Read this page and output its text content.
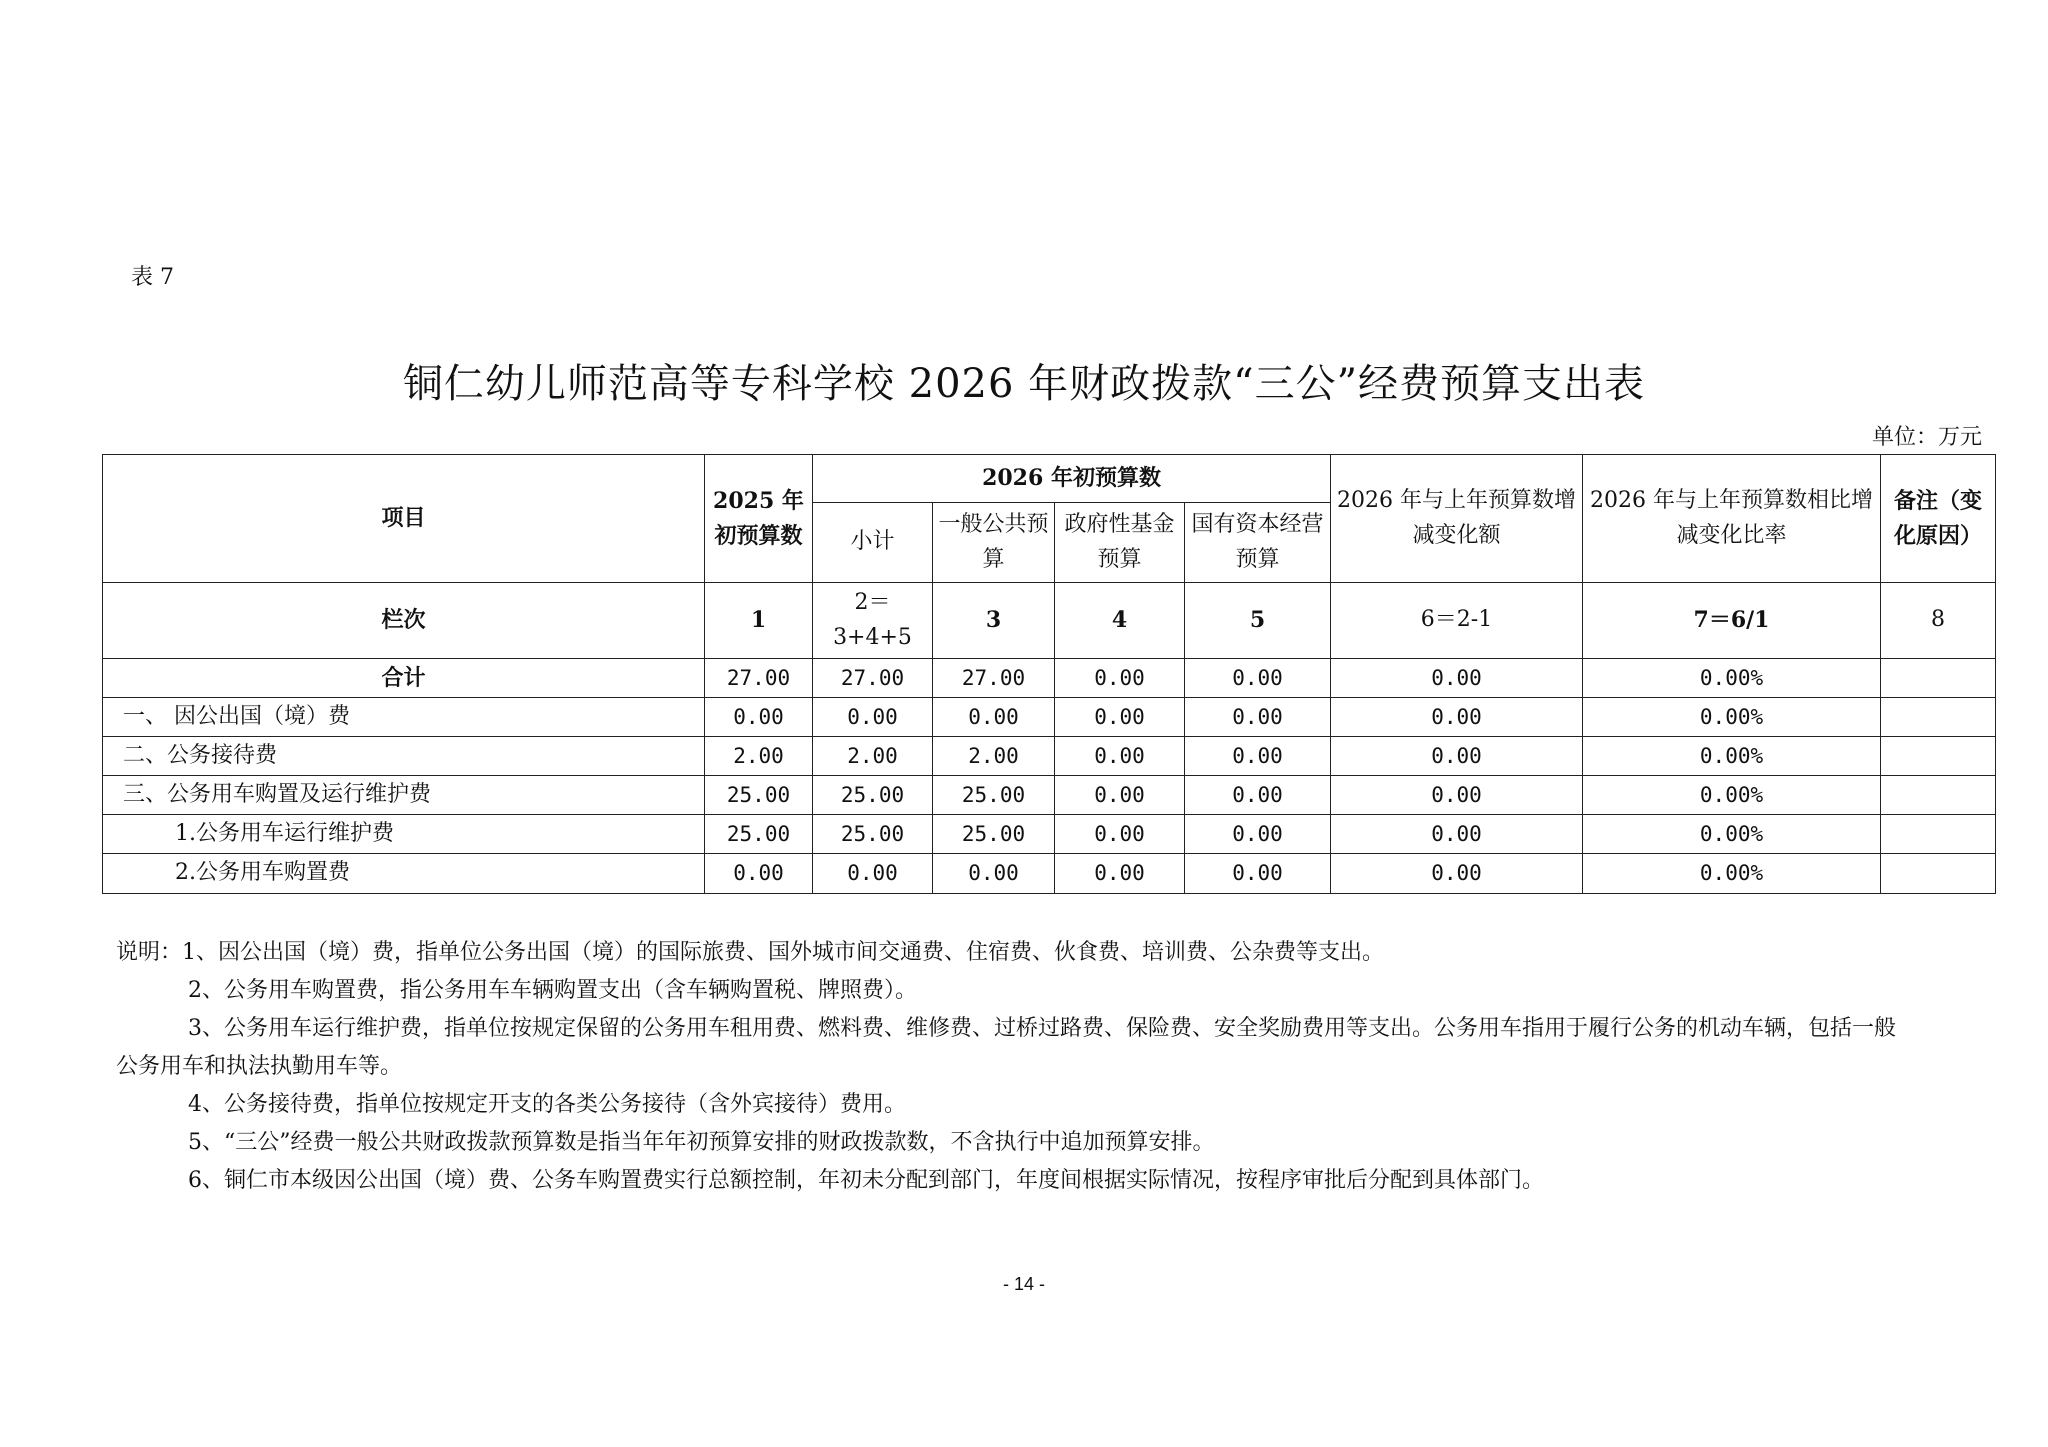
表 7
铜仁幼儿师范高等专科学校 2026 年财政拨款“三公”经费预算支出表
单位：万元
项目	2025 年初预算数	2026 年初预算数				2026 年与上年预算数增减变化额	2026 年与上年预算数相比增减变化比率	备注（变化原因）
		小计	一般公共预算	政府性基金预算	国有资本经营预算			
栏次	1	2＝3+4+5	3	4	5	6＝2-1	7＝6/1	8
合计	27.00	27.00	27.00	0.00	0.00	0.00	0.00%	
一、 因公出国（境）费	0.00	0.00	0.00	0.00	0.00	0.00	0.00%	
二、公务接待费	2.00	2.00	2.00	0.00	0.00	0.00	0.00%	
三、公务用车购置及运行维护费	25.00	25.00	25.00	0.00	0.00	0.00	0.00%	
1.公务用车运行维护费	25.00	25.00	25.00	0.00	0.00	0.00	0.00%	
2.公务用车购置费	0.00	0.00	0.00	0.00	0.00	0.00	0.00%	

说明：1、因公出国（境）费，指单位公务出国（境）的国际旅费、国外城市间交通费、住宿费、伙食费、培训费、公杂费等支出。

2、公务用车购置费，指公务用车车辆购置支出（含车辆购置税、牌照费）。

3、公务用车运行维护费，指单位按规定保留的公务用车租用费、燃料费、维修费、过桥过路费、保险费、安全奖励费用等支出。公务用车指用于履行公务的机动车辆，包括一般公务用车和执法执勤用车等。

4、公务接待费，指单位按规定开支的各类公务接待（含外宾接待）费用。

5、“三公”经费一般公共财政拨款预算数是指当年年初预算安排的财政拨款数，不含执行中追加预算安排。

6、铜仁市本级因公出国（境）费、公务车购置费实行总额控制，年初未分配到部门，年度间根据实际情况，按程序审批后分配到具体部门。

- 14 -
